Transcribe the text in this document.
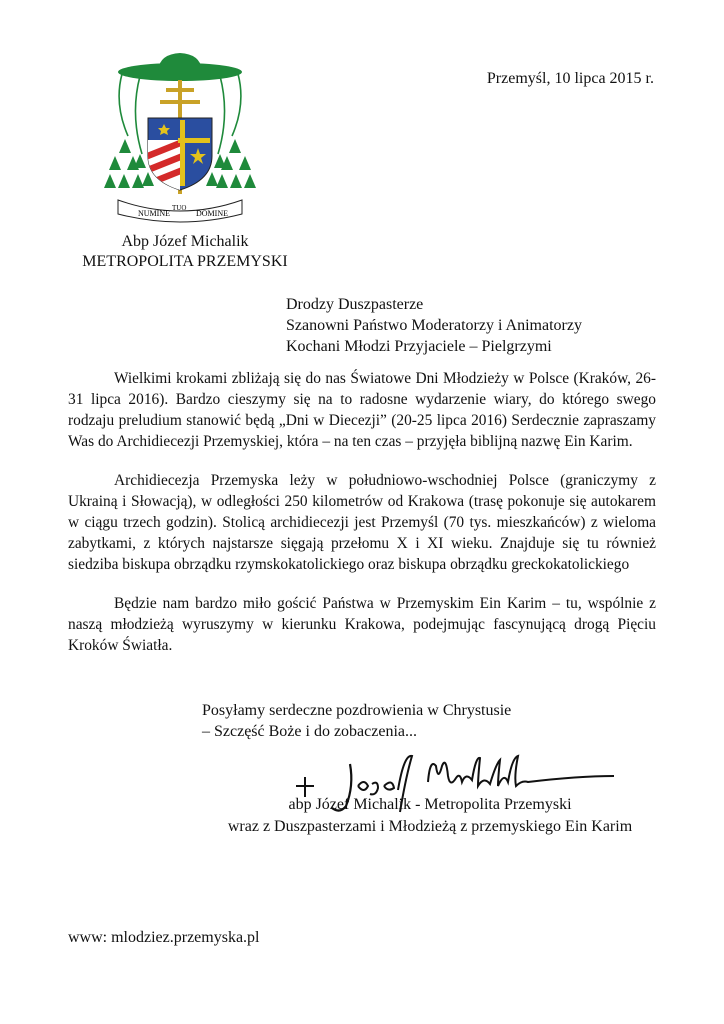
NUMINE
TUO
DOMINE
Przemyśl, 10 lipca 2015 r.
Abp Józef Michalik
METROPOLITA PRZEMYSKI
Drodzy Duszpasterze
Szanowni Państwo Moderatorzy i Animatorzy
Kochani Młodzi Przyjaciele – Pielgrzymi

Wielkimi krokami zbliżają się do nas Światowe Dni Młodzieży w Polsce (Kraków, 26-31 lipca 2016). Bardzo cieszymy się na to radosne wydarzenie wiary, do którego swego rodzaju preludium stanowić będą „Dni w Diecezji” (20-25 lipca 2016) Serdecznie zapraszamy Was do Archidiecezji Przemyskiej, która – na ten czas – przyjęła biblijną nazwę Ein Karim.

Archidiecezja Przemyska leży w południowo-wschodniej Polsce (graniczymy z Ukrainą i Słowacją), w odległości 250 kilometrów od Krakowa (trasę pokonuje się autokarem w ciągu trzech godzin). Stolicą archidiecezji jest Przemyśl (70 tys. mieszkańców) z wieloma zabytkami, z których najstarsze sięgają przełomu X i XI wieku. Znajduje się tu również siedziba biskupa obrządku rzymskokatolickiego oraz biskupa obrządku greckokatolickiego

Będzie nam bardzo miło gościć Państwa w Przemyskim Ein Karim – tu, wspólnie z naszą młodzieżą wyruszymy w kierunku Krakowa, podejmując fascynującą drogą Pięciu Kroków Światła.

Posyłamy serdeczne pozdrowienia w Chrystusie
– Szczęść Boże i do zobaczenia...
abp Józef Michalik - Metropolita Przemyski
wraz z Duszpasterzami i Młodzieżą z przemyskiego Ein Karim
www: mlodziez.przemyska.pl
